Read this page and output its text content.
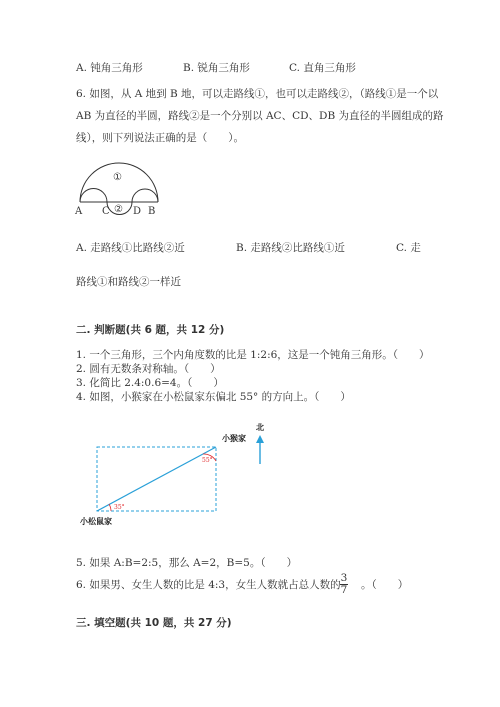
A. 钝角三角形	B. 锐角三角形	C. 直角三角形
6. 如图，从 A 地到 B 地，可以走路线①，也可以走路线②，（路线①是一个以
AB 为直径的半圆，路线②是一个分别以 AC、CD、DB 为直径的半圆组成的路
线），则下列说法正确的是（　　）。
①
②
A C D B
A. 走路线①比路线②近	B. 走路线②比路线①近	C. 走
路线①和路线②一样近
二. 判断题(共 6 题，共 12 分)
1. 一个三角形，三个内角度数的比是 1:2:6，这是一个钝角三角形。（　　）
2. 圆有无数条对称轴。（　　）
3. 化简比 2.4:0.6=4。（　　）
4. 如图，小猴家在小松鼠家东偏北 55° 的方向上。（　　）
55°
35°
小猴家
小松鼠家
北
5. 如果 A:B=2:5，那么 A=2，B=5。（　　）
6. 如果男、女生人数的比是 4:3，女生人数就占总人数的
3
7 。（　　）
三. 填空题(共 10 题，共 27 分)
